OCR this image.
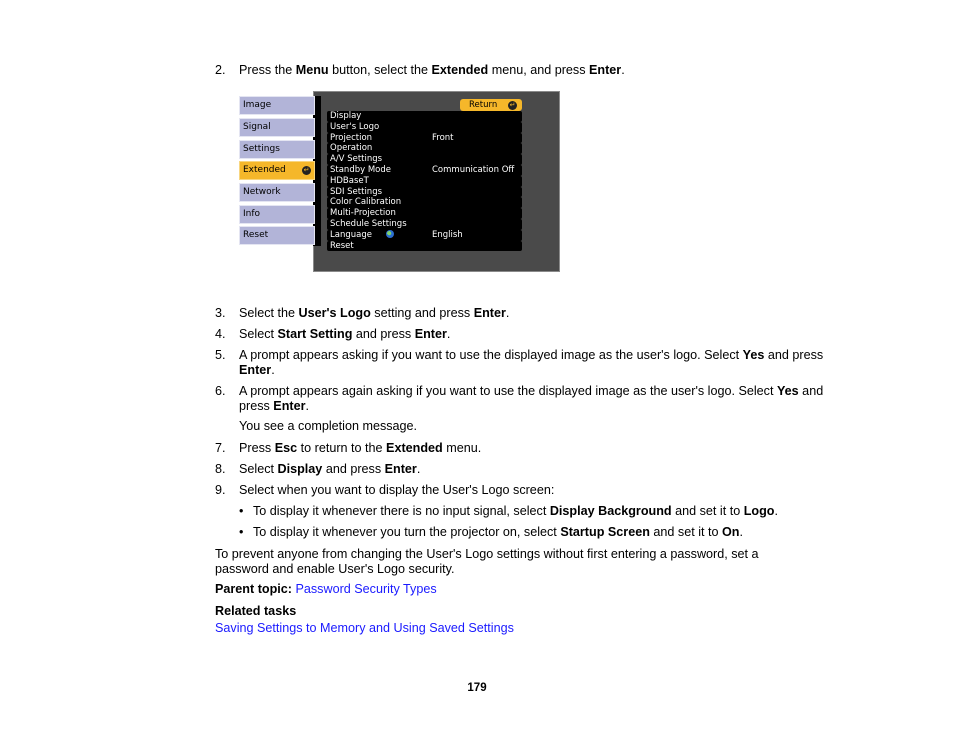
2.	Press the Menu button, select the Extended menu, and press Enter.
Image
Signal
Settings
Extended	↵
Network
Info
Reset
Return ↵
Display
User's Logo
Projection	Front
Operation
A/V Settings
Standby Mode	Communication Off
HDBaseT
SDI Settings
Color Calibration
Multi-Projection
Schedule Settings
Language	English
Reset
3.	Select the User's Logo setting and press Enter.
4.	Select Start Setting and press Enter.
5.	A prompt appears asking if you want to use the displayed image as the user's logo. Select Yes and press Enter.
6.	A prompt appears again asking if you want to use the displayed image as the user's logo. Select Yes and press Enter.
You see a completion message.
7.	Press Esc to return to the Extended menu.
8.	Select Display and press Enter.
9.	Select when you want to display the User's Logo screen:
• To display it whenever there is no input signal, select Display Background and set it to Logo.
• To display it whenever you turn the projector on, select Startup Screen and set it to On.
To prevent anyone from changing the User's Logo settings without first entering a password, set a password and enable User's Logo security.
Parent topic: Password Security Types
Related tasks
Saving Settings to Memory and Using Saved Settings
179
